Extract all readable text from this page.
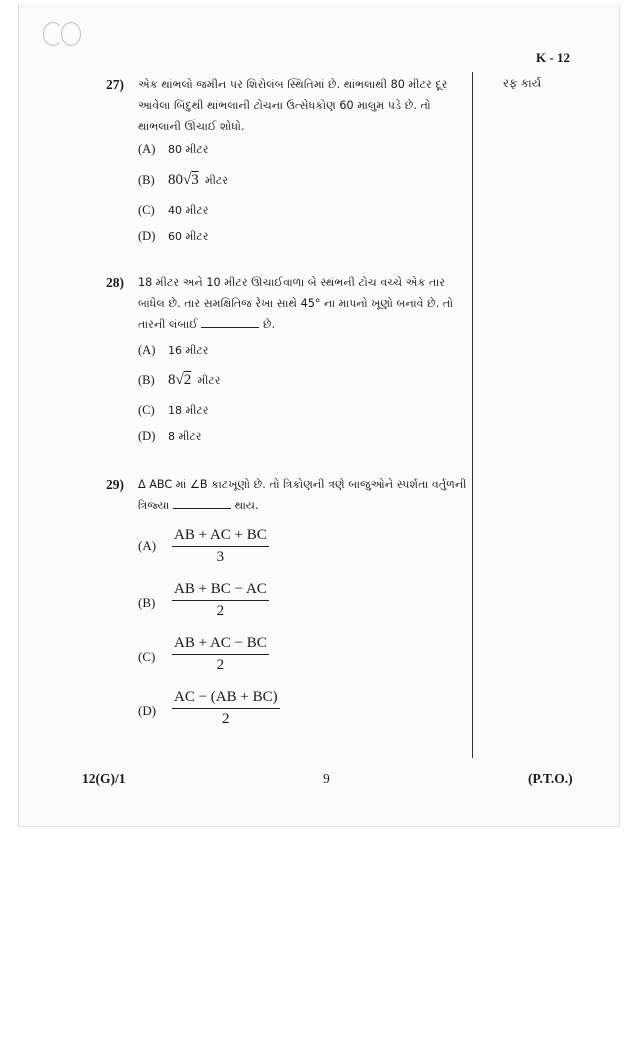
K - 12
રફ કાર્ય
27) એક થાંભલો જમીન પર શિરોલંબ સ્થિતિમાં છે. થાંભલાથી 80 મીટર દૂર આવેલા બિંદુથી થાંભલાની ટોચના ઉત્સેધકોણ 60 માલુમ પડે છે. તો થાંભલાની ઊંચાઈ શોધો.
(A) 80 મીટર
(B) 80√3 મીટર
(C) 40 મીટર
(D) 60 મીટર
28) 18 મીટર અને 10 મીટર ઊંચાઈવાળા બે સ્થંભની ટોચ વચ્ચે એક તાર બાંધેલ છે. તાર સમક્ષિતિજ રેખા સાથે 45° ના માપનો ખૂણો બનાવે છે. તો તારની લંબાઈ	છે.
(A) 16 મીટર
(B) 8√2 મીટર
(C) 18 મીટર
(D) 8 મીટર
29) Δ ABC માં ∠B કાટખૂણો છે. તો ત્રિકોણની ત્રણે બાજુઓને સ્પર્શતા વર્તુળની ત્રિજ્યા	થાય.
$(A) \frac{AB + AC + BC}{3}$
$(B) \frac{AB + BC - AC}{2}$
$(C) \frac{AB + AC - BC}{2}$
$(D) \frac{AC - (AB + BC)}{2}$
12(G)/1	9	(P.T.O.)
